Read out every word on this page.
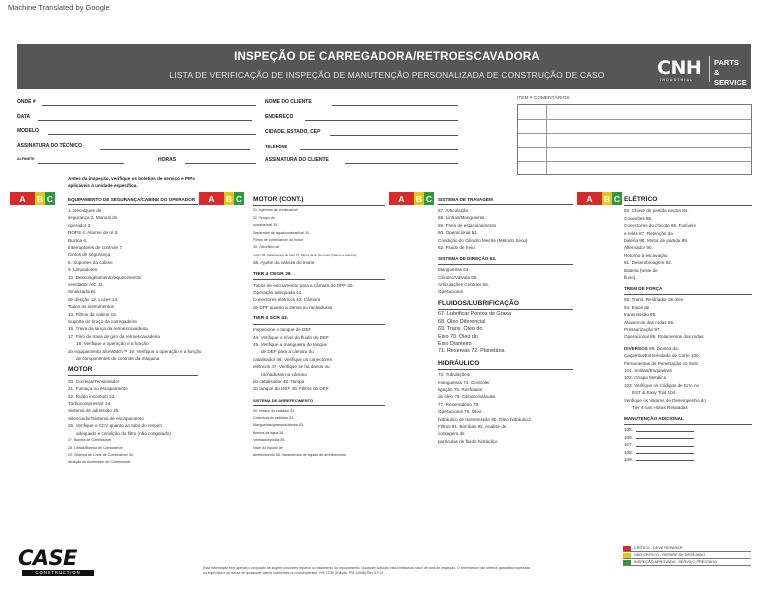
Machine Translated by Google
INSPEÇÃO DE CARREGADORA/RETROESCAVADORA
LISTA DE VERIFICAÇÃO DE INSPEÇÃO DE MANUTENÇÃO PERSONALIZADA DE CONSTRUÇÃO DE CASO	CNH
INDUSTRIAL
PARTS
& SERVICE
ONDE #	NOME DO CLIENTE
DATA	ENDEREÇO
MODELO	CIDADE, ESTADO, CEP
ASSINATURA DO TÉCNICO	TELEFONE
ALFINETE	HORAS	ASSINATURA DO CLIENTE
ITEM # COMENTÁRIOS
Antes da inspeção, verifique os boletins de serviço e PIPs aplicáveis à unidade específica.
A	B C	A	B C	A	B C	A	B C
EQUIPAMENTO DE SEGURANÇA/CABINE DO OPERADOR
1. Decalques de
segurança 2. Manual do
operador 3.
ROPS 4. Alarme de ré 5.
Buzina 6.
Interruptores de controle 7.
Cintos de segurança
8. Suportes da cabine
9. Limpadores
10. Descongelamento/aquecimento/
ventilador A/C 11.
Sinalizadores
de direção 12. Luzes 13.
Todos os instrumentos
14. Filtros da cabine 15.
Suporte do braço da carregadeira
16. Trava da lança da retroescavadeira
17. Pino de trava de giro da retroescavadeira
18. Verifique a operação e a função
do equipamento SiteWatch™ 19. Verifique a operação e a função
de componentes de controle da máquina
MOTOR
20. Correias/Tensionador
21. Fumaça no escapamento
22. Ruído incomum 23.
Turbocompressor 24.
Sistema de admissão 25.
Silenciador/Sistema de escapamento
26. Verifique o CCV quanto ao tubo do respiro
adequado e condição do filtro (não congelado)
27. Bomba de Combustível
28. Linhas/Bomba de Combustível
29. Sistema de Corte de Combustível 30.
Atuação do Acelerador de Combustível
MOTOR (CONT.)
31. Injetores de combustível
32. Tempo de
combustível 33.
Separador de água/combustível 34.
Filtros de combustível do motor
35. Óleo/filtro de
motor 36. Vazamentos de óleo 37. Filtros de ar do motor (interno e externo)
38. Ajuste da válvula do motor
TIER 4 CEGR 39.
Tubos de escoamento para a câmara do DPF 40.
Operação adequada 41.
Conectores elétricos 42. Câmara
de DPF quanto a danos ou rachaduras
TIER 4 SCR 43.
Inspecione o tanque de DEF
44. Verifique o nível do fluido do DEF
45. Verifique a mangueira do tanque
de DEF para a câmara do
catalisador 46. Verifique os conectores
elétricos 47. Verifique se há danos ou
rachaduras na câmara
do catalisador 48. Tampa
do tanque do DEF 49. Filtros do DEF
SISTEMA DE ARREFECIMENTO
50. Núcleo do radiador 51.
Cobertura do radiador 52.
Mangueiras/grampos/tampa 53.
Bomba de água 54.
Ventilador/polias 55.
Nível do líquido de
arrefecimento 56. Vazamentos de líquido de arrefecimento
SISTEMA DE TRAVAGEM
57. Articulação
58. Linhas/Mangueiras
59. Freio de estacionamento
60. Operacional 61.
Condição do Cilindro Mestre (Método Seco)
62. Fluido de freio
SISTEMA DE DIREÇÃO 63.
Mangueiras 64.
Cilindro/Válvula 65.
Articulações Centrais 66.
Operacional
FLUIDOS/LUBRIFICAÇÃO
67. Lubrificar Pontos de Graxa
68. Óleo Diferencial
69. Trans. Óleo do
Eixo 70. Óleo do
Eixo Dianteiro
71. Reservas 72. Planetária
HIDRÁULICO
73. Tubulações/
mangueiras 74. Controle/
ligação 75. Resfriador
de óleo 76. Cilindro/válvulas
77. Reservatório 78.
Operacional 79. Óleo
hidráulico de transmissão 80. Óleo hidráulico/
Filtros 81. Bombas 82. Análise de
contagem de
partículas de fluido hidráulico
ELÉTRICO
83. Chave de partida neutra 84.
Conexões 85.
Conectores do chicote 86. Fusíveis
e relés 87. Retenção da
bateria 88. Motor de partida 89.
Alternador 90.
Retorno à escavação
91. Desembreagem 92.
Bateria (teste de
fluxo)
TREM DE FORÇA
93. Trans. Resfriador de óleo
94. Eixos de
transmissão 95.
Alavancas das rodas 96.
Pressurização 97.
Operacional 98. Rolamentos das rodas
DIVERSOS 99. Dentes da
Caçamba/Extremidade de Corte 100.
Ferramentas de Penetração no Solo
101. Soldas/Enquadras
102. Chapa Metálica
103. Verifique os Códigos de Erro no
EST & Easy Tool 104.
Verifique os Valores de Desempenho do
Tier 4 nas Horas Relatadas
MANUTENÇÃO ADICIONAL
105.
106.
107.
108.
109.
CASE
CONSTRUCTION
Esta informação tem apenas o propósito de sugerir possíveis reparos ou tratamento do equipamento. Qualquer solução está limitada ao valor de taxa de inspeção. O revendedor não oferece garantias expressas ou implícitas e se isenta de quaisquer danos incidentais ou consequentes. PM 17/30 (Edição: PM 14058) Rev 07/14
CRÍTICO - DEVE REPARAR
NÃO CRÍTICO - REPARE SE DESEJADO
INSPEÇÃO APROVADA - SERVIÇO PRESTADO
